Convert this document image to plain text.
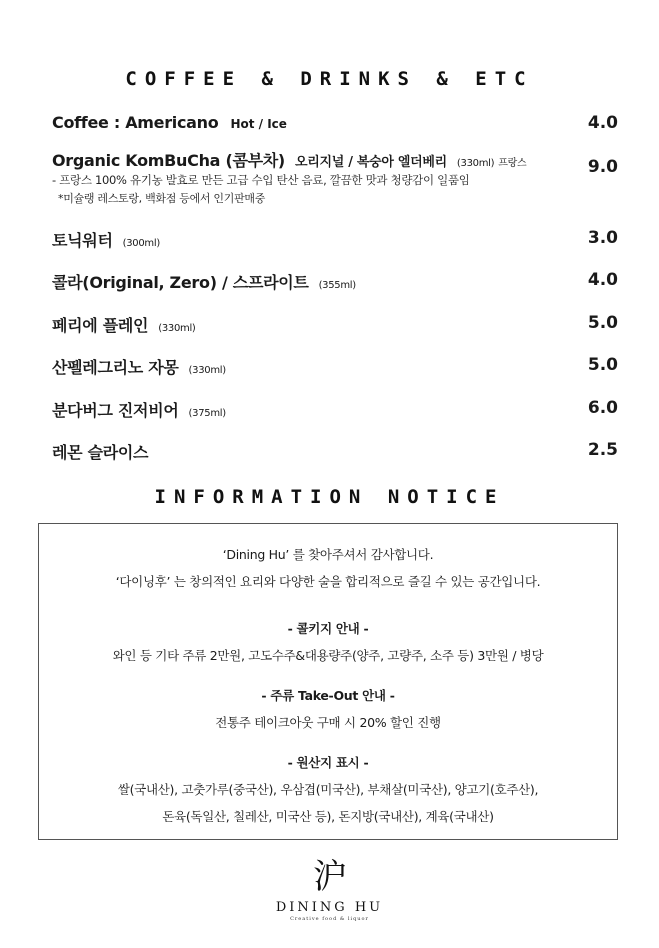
COFFEE & DRINKS & ETC
Coffee : Americano Hot / Ice	4.0
Organic KomBuCha (콤부차) 오리지널 / 복숭아 엘더베리 (330ml) 프랑스	9.0
- 프랑스 100% 유기농 발효로 만든 고급 수입 탄산 음료, 깔끔한 맛과 청량감이 일품임
*미슐랭 레스토랑, 백화점 등에서 인기판매중
토닉워터 (300ml)	3.0
콜라(Original, Zero) / 스프라이트 (355ml)	4.0
페리에 플레인 (330ml)	5.0
산펠레그리노 자몽 (330ml)	5.0
분다버그 진저비어 (375ml)	6.0
레몬 슬라이스	2.5
INFORMATION NOTICE
‘Dining Hu’ 를 찾아주셔서 감사합니다.
‘다이닝후’ 는 창의적인 요리와 다양한 술을 합리적으로 즐길 수 있는 공간입니다.
- 콜키지 안내 -
와인 등 기타 주류 2만원, 고도수주&대용량주(양주, 고량주, 소주 등) 3만원 / 병당
- 주류 Take-Out 안내 -
전통주 테이크아웃 구매 시 20% 할인 진행
- 원산지 표시 -
쌀(국내산), 고춧가루(중국산), 우삼겹(미국산), 부채살(미국산), 양고기(호주산),
돈육(독일산, 칠레산, 미국산 등), 돈지방(국내산), 계육(국내산)
沪
DINING HU
Creative food & liquor
